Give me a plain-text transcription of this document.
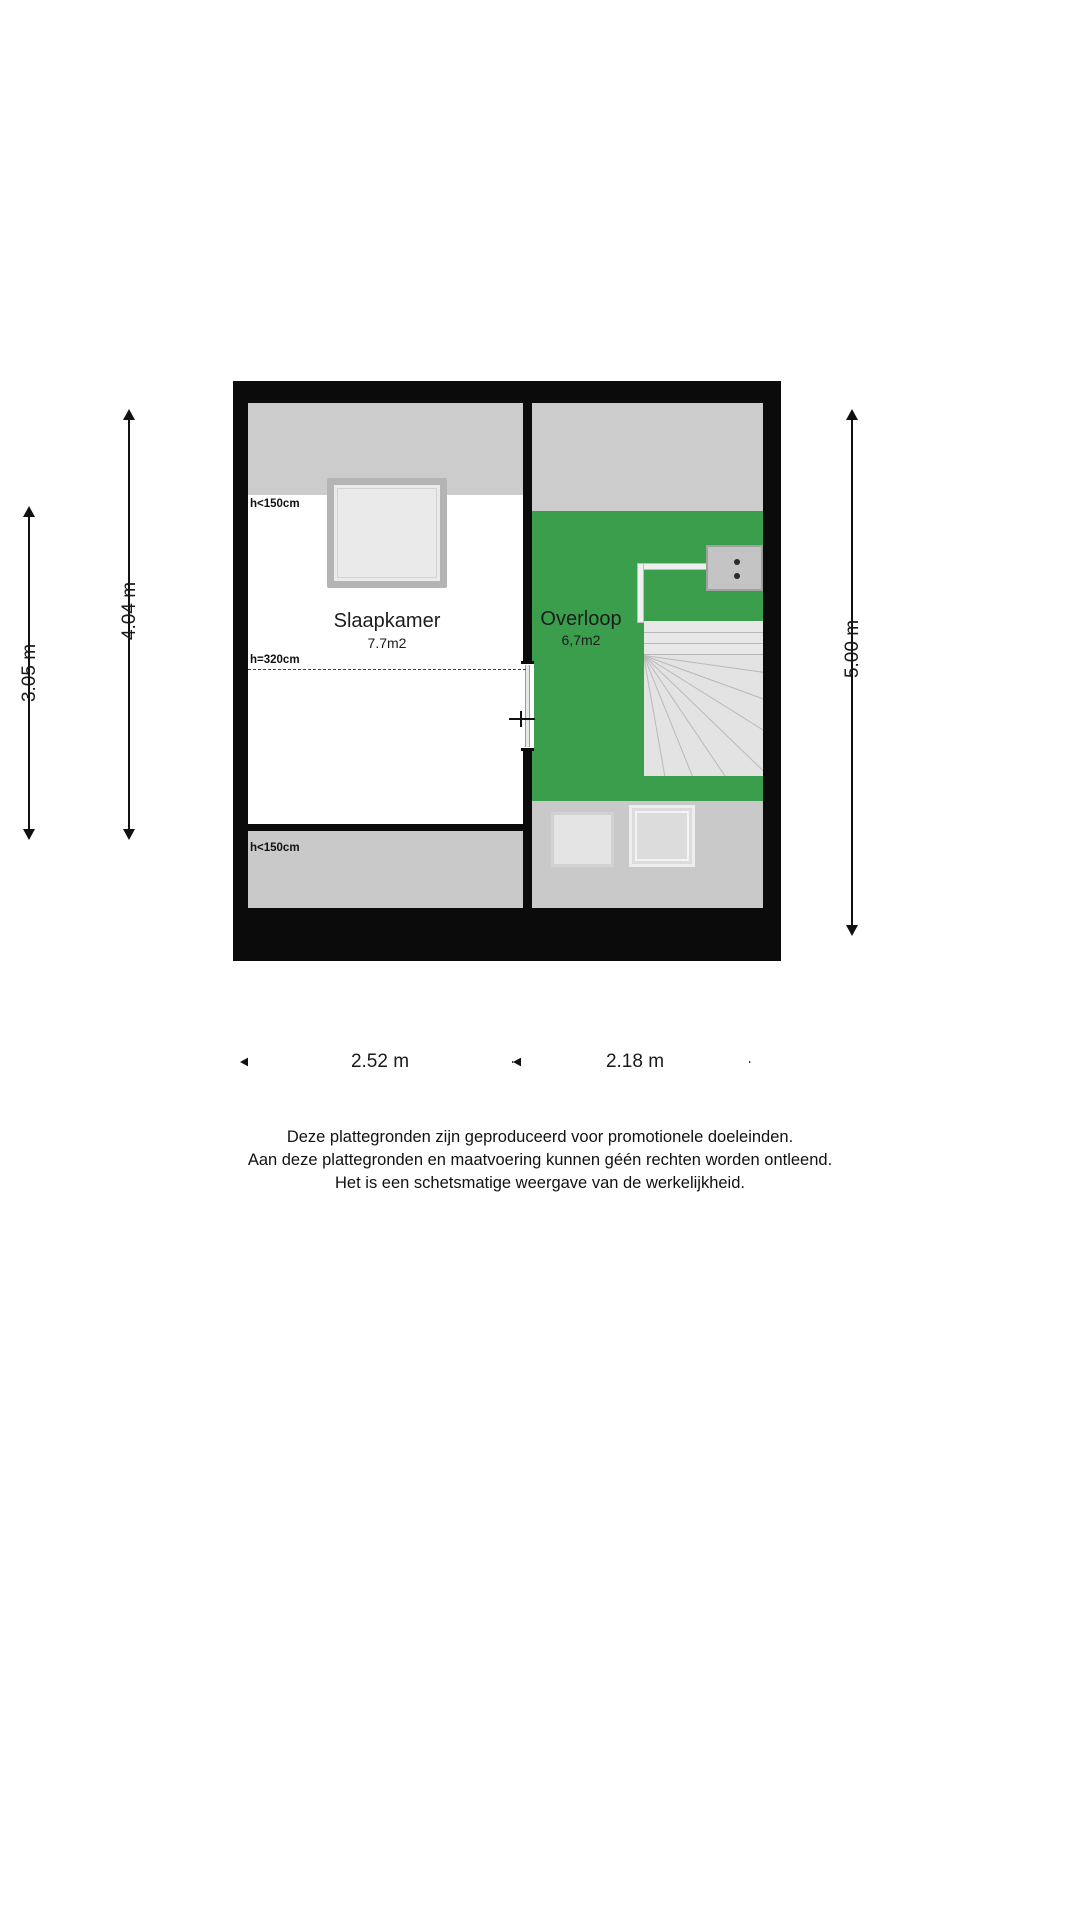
3.05 m
4.04 m
5.00 m
Slaapkamer
7.7m2
Overloop
6,7m2
h<150cm
h=320cm
h<150cm
2.52 m	2.18 m
Deze plattegronden zijn geproduceerd voor promotionele doeleinden.
Aan deze plattegronden en maatvoering kunnen géén rechten worden ontleend.
Het is een schetsmatige weergave van de werkelijkheid.
